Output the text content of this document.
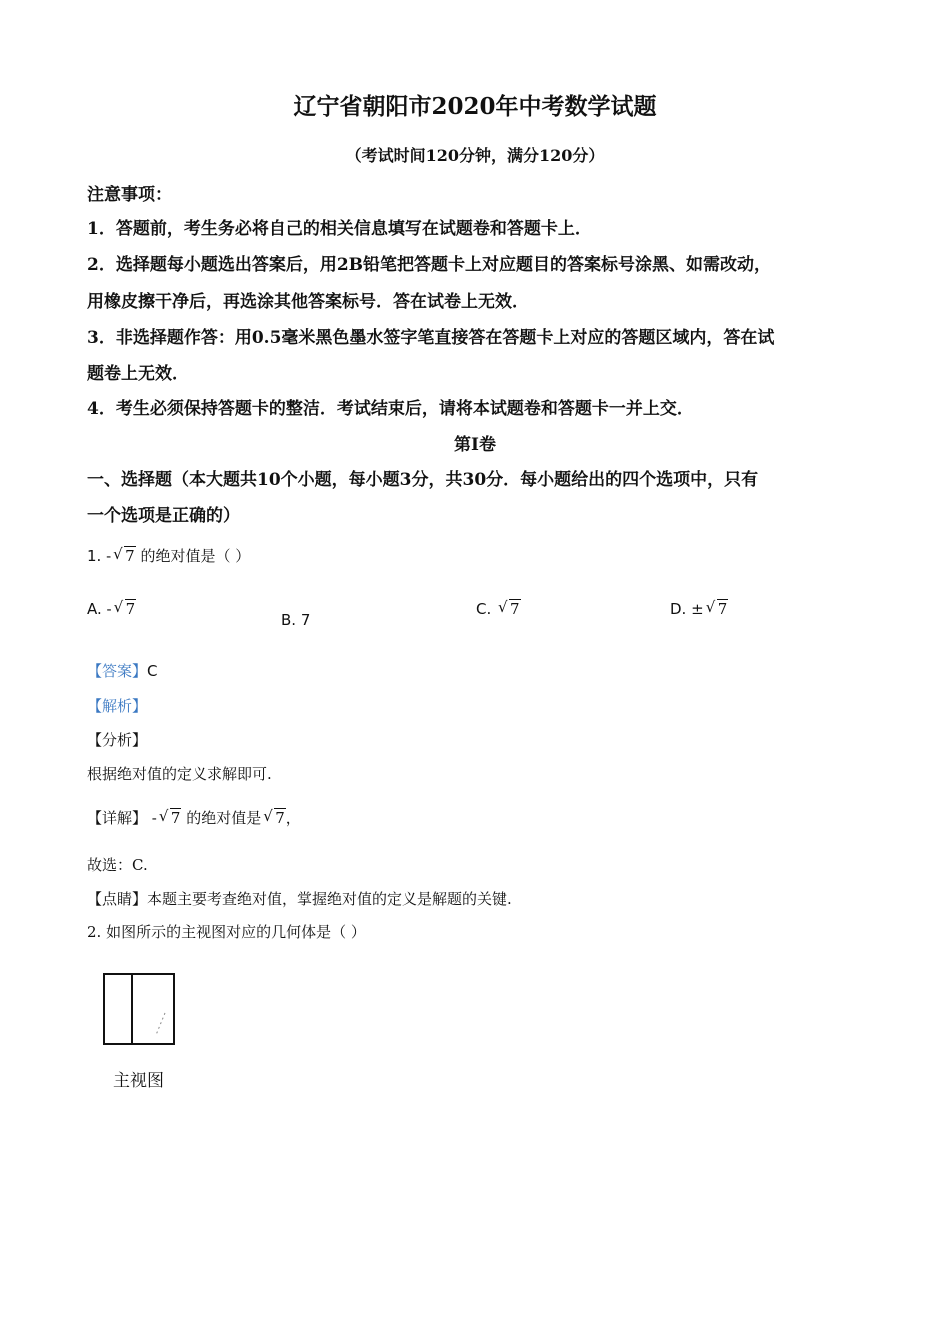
辽宁省朝阳市2020年中考数学试题
（考试时间120分钟，满分120分）
注意事项：
1．答题前，考生务必将自己的相关信息填写在试题卷和答题卡上．
2．选择题每小题选出答案后，用2B铅笔把答题卡上对应题目的答案标号涂黑、如需改动，
用橡皮擦干净后，再选涂其他答案标号．答在试卷上无效．
3．非选择题作答：用0.5毫米黑色墨水签字笔直接答在答题卡上对应的答题区域内，答在试
题卷上无效．
4．考生必须保持答题卡的整洁．考试结束后，请将本试题卷和答题卡一并上交．
第I卷
一、选择题（本大题共10个小题，每小题3分，共30分．每小题给出的四个选项中，只有
一个选项是正确的）
1. - √ 7 的绝对值是（ ）
A. - √ 7
B. 7
C. √ 7	D. ± √ 7
【答案】C
【解析】
【分析】
根据绝对值的定义求解即可.
【详解】 - √ 7 的绝对值是 √ 7，
故选：C.
【点睛】本题主要考查绝对值，掌握绝对值的定义是解题的关键.
2. 如图所示的主视图对应的几何体是（ ）
主视图
